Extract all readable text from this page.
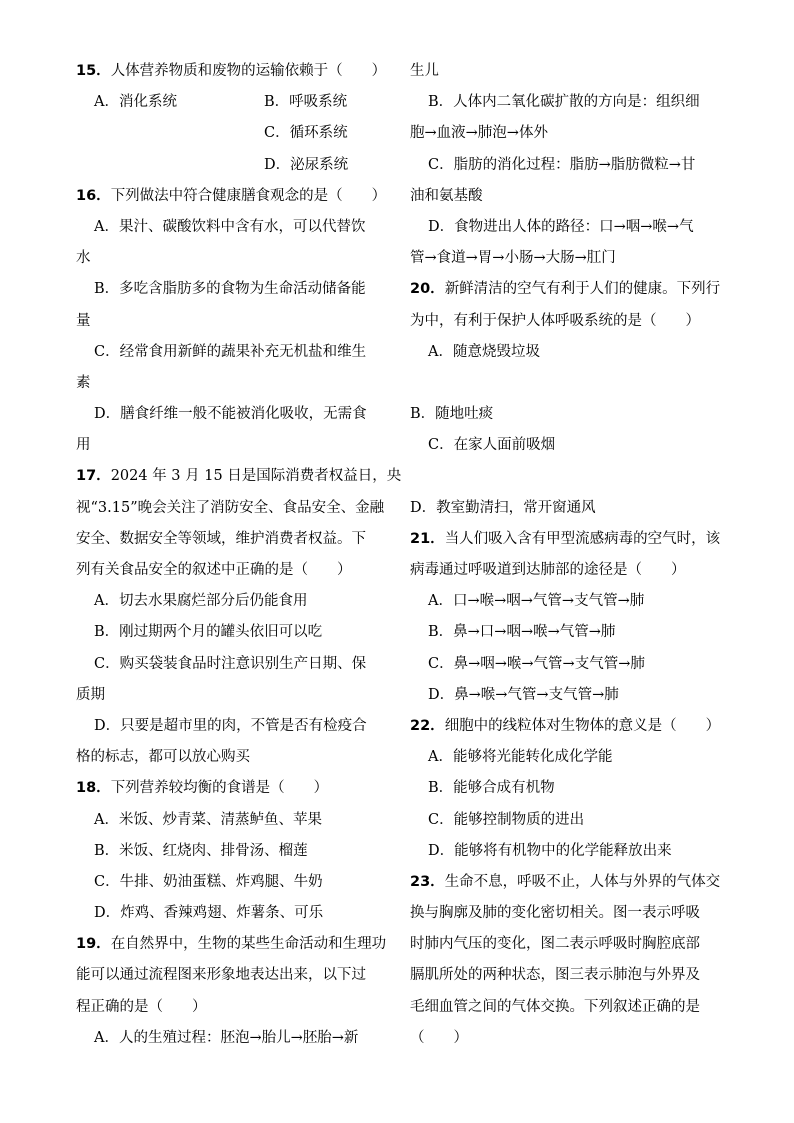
15．人体营养物质和废物的运输依赖于（　　）
A．消化系统	B．呼吸系统
C．循环系统
D．泌尿系统
16．下列做法中符合健康膳食观念的是（　　）
A．果汁、碳酸饮料中含有水，可以代替饮
水
B．多吃含脂肪多的食物为生命活动储备能
量
C．经常食用新鲜的蔬果补充无机盐和维生
素
D．膳食纤维一般不能被消化吸收，无需食
用
17．2024 年 3 月 15 日是国际消费者权益日，央
视“3.15”晚会关注了消防安全、食品安全、金融
安全、数据安全等领域，维护消费者权益。下
列有关食品安全的叙述中正确的是（　　）
A．切去水果腐烂部分后仍能食用
B．刚过期两个月的罐头依旧可以吃
C．购买袋装食品时注意识别生产日期、保
质期
D．只要是超市里的肉，不管是否有检疫合
格的标志，都可以放心购买
18．下列营养较均衡的食谱是（　　）
A．米饭、炒青菜、清蒸鲈鱼、苹果
B．米饭、红烧肉、排骨汤、榴莲
C．牛排、奶油蛋糕、炸鸡腿、牛奶
D．炸鸡、香辣鸡翅、炸薯条、可乐
19．在自然界中，生物的某些生命活动和生理功
能可以通过流程图来形象地表达出来，以下过
程正确的是（　　）
A．人的生殖过程：胚泡→胎儿→胚胎→新
生儿
B．人体内二氧化碳扩散的方向是：组织细
胞→血液→肺泡→体外
C．脂肪的消化过程：脂肪→脂肪微粒→甘
油和氨基酸
D．食物进出人体的路径：口→咽→喉→气
管→食道→胃→小肠→大肠→肛门
20．新鲜清洁的空气有利于人们的健康。下列行
为中，有利于保护人体呼吸系统的是（　　）
A．随意烧毁垃圾
B．随地吐痰
C．在家人面前吸烟
D．教室勤清扫，常开窗通风
21．当人们吸入含有甲型流感病毒的空气时，该
病毒通过呼吸道到达肺部的途径是（　　）
A．口→喉→咽→气管→支气管→肺
B．鼻→口→咽→喉→气管→肺
C．鼻→咽→喉→气管→支气管→肺
D．鼻→喉→气管→支气管→肺
22．细胞中的线粒体对生物体的意义是（　　）
A．能够将光能转化成化学能
B．能够合成有机物
C．能够控制物质的进出
D．能够将有机物中的化学能释放出来
23．生命不息，呼吸不止，人体与外界的气体交
换与胸廓及肺的变化密切相关。图一表示呼吸
时肺内气压的变化，图二表示呼吸时胸腔底部
膈肌所处的两种状态，图三表示肺泡与外界及
毛细血管之间的气体交换。下列叙述正确的是
（　　）
